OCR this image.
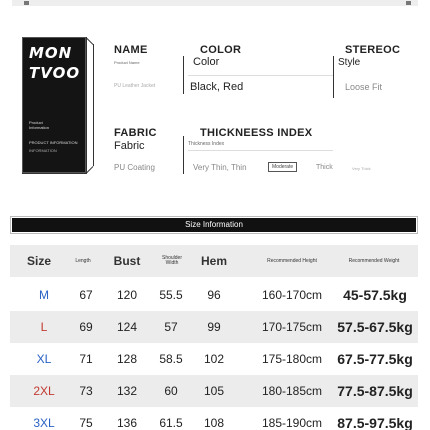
MON
TVOO
Product Information
PRODUCT INFORMATION
INFORMATION
NAME
Product Name
PU Leather Jacket
COLOR
Color
Black, Red
STEREOC
Style
Loose Fit
FABRIC
Fabric
PU Coating
THICKNEESS INDEX
Thickness Index
Very Thin, Thin	Moderate	Thick	Very Thick
Size Information
Size	Length	Bust	Shoulder Width	Hem	Recommended Height	Recommended Weight
M	67	120	55.5	96	160-170cm	45-57.5kg
L	69	124	57	99	170-175cm	57.5-67.5kg
XL	71	128	58.5	102	175-180cm	67.5-77.5kg
2XL	73	132	60	105	180-185cm	77.5-87.5kg
3XL	75	136	61.5	108	185-190cm	87.5-97.5kg
